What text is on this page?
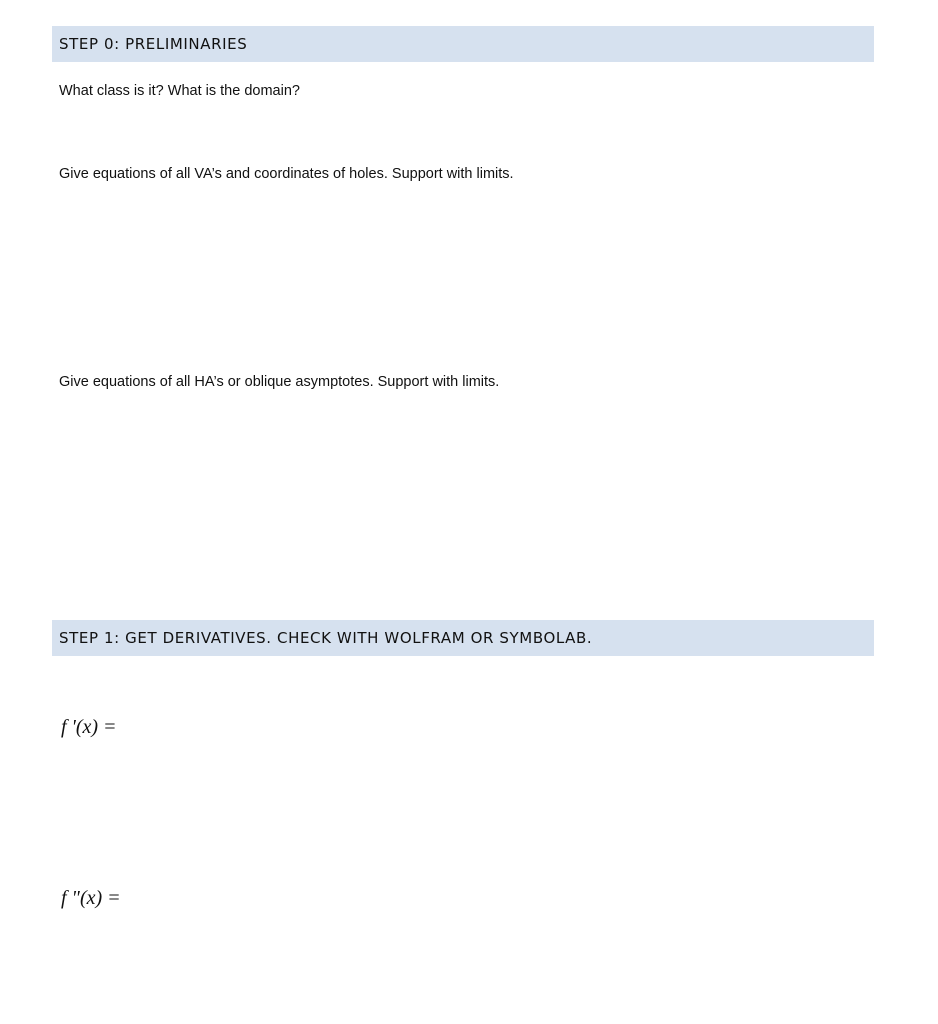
STEP 0: PRELIMINARIES
What class is it? What is the domain?
Give equations of all VA’s and coordinates of holes. Support with limits.
Give equations of all HA’s or oblique asymptotes. Support with limits.
STEP 1: GET DERIVATIVES. CHECK WITH WOLFRAM OR SYMBOLAB.
f '(x) =
f "(x) =
